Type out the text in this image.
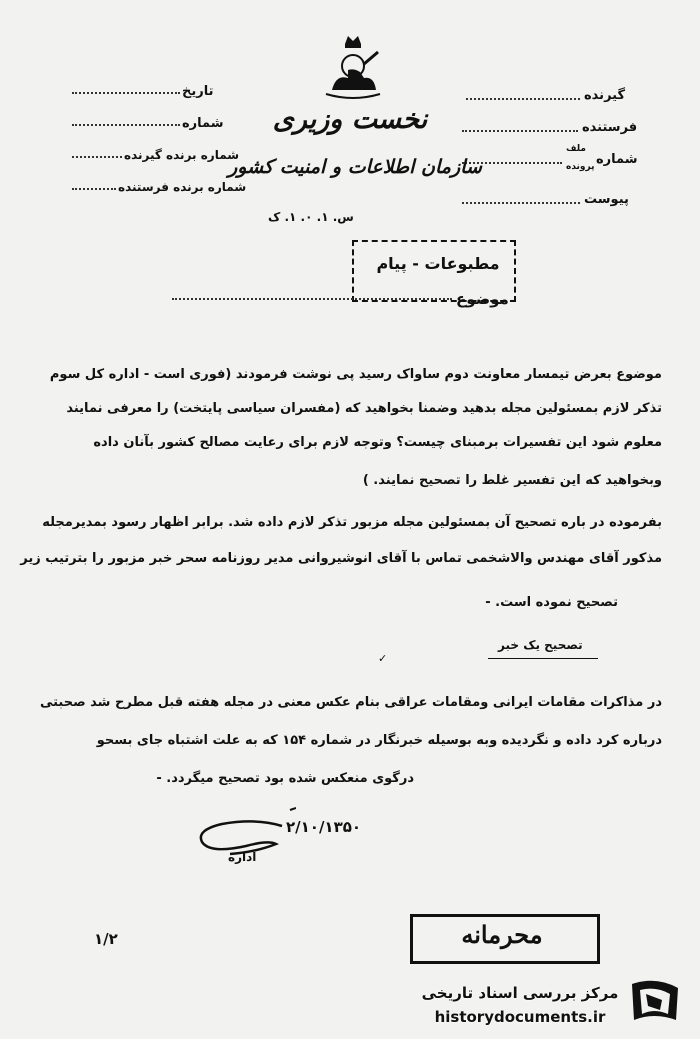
تاریخ
شماره
شماره برنده گیرنده
شماره برنده فرستنده
گیرنده
فرستنده
شماره
ملف
پرونده
پیوست
نخست وزیری
سازمان اطلاعات و امنیت کشور
س. ۱. ۰. ۱. ک
مطبوعات - پیام
موضوع
موضوع بعرض تیمسار معاونت دوم ساواک رسید پی نوشت فرمودند (فوری است - اداره کل سوم
تذکر لازم بمسئولین مجله بدهید وضمنا بخواهید که (مفسران سیاسی پایتخت) را معرفی نمایند
معلوم شود این تفسیرات برمبنای چیست؟ وتوجه لازم برای رعایت مصالح کشور بآنان داده
وبخواهید که این تفسیر غلط را تصحیح نمایند. )
بفرموده در باره تصحیح آن بمسئولین مجله مزبور تذکر لازم داده شد. برابر اظهار رسود بمدیرمجله
مذکور آقای مهندس والاشخمی تماس با آقای انوشیروانی مدیر روزنامه سحر خبر مزبور را بترتیب زیر
تصحیح نموده است. -
تصحیح یک خبر
✓
در مذاکرات مقامات ایرانی ومقامات عراقی بنام عکس معنی در مجله هفته قبل مطرح شد صحبتی
درباره کرد داده و نگردیده وبه بوسیله خبرنگار در شماره ۱۵۴ که به علت اشتباه جای بسحو
درگوی منعکس شده بود تصحیح میگردد. -
۲/۱۰/۱۳۵۰
اداره
۱/۲	محرمانه
مرکز بررسی اسناد تاریخی
historydocuments.ir
